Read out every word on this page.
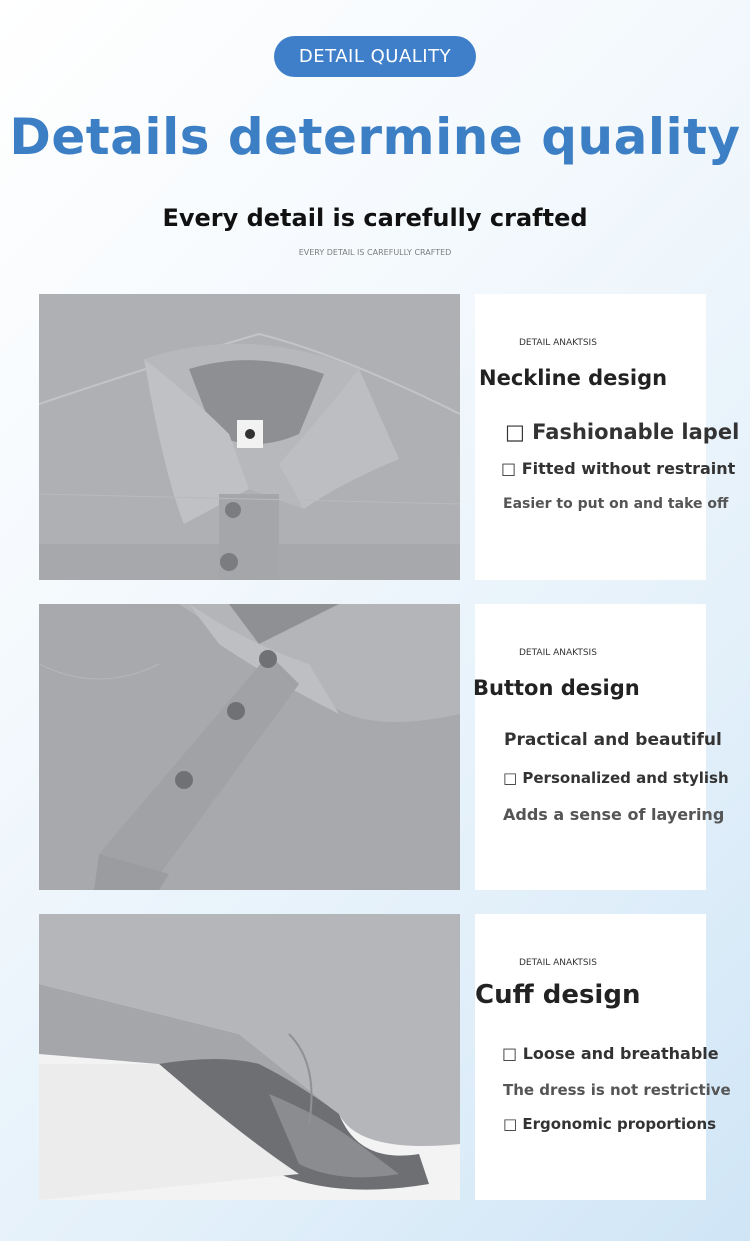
DETAIL QUALITY
Details determine quality
Every detail is carefully crafted
EVERY DETAIL IS CAREFULLY CRAFTED
DETAIL ANAKTSIS
Neckline design
□ Fashionable lapel
□ Fitted without restraint
Easier to put on and take off
DETAIL ANAKTSIS
Button design
Practical and beautiful
□ Personalized and stylish
Adds a sense of layering
DETAIL ANAKTSIS
Cuff design
□ Loose and breathable
The dress is not restrictive
□ Ergonomic proportions
